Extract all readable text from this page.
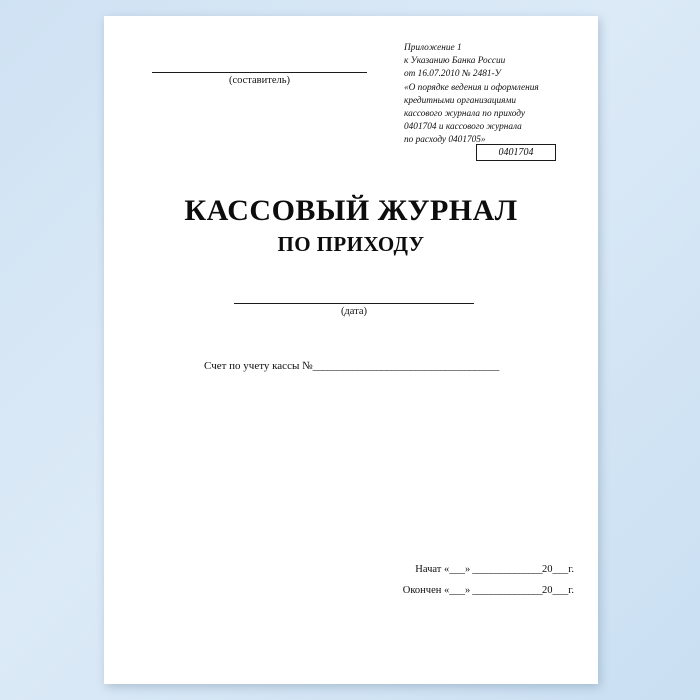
(составитель)
Приложение 1
к Указанию Банка России
от 16.07.2010 № 2481-У
«О порядке ведения и оформления
кредитными организациями
кассового журнала по приходу
0401704 и кассового журнала
по расходу 0401705»
0401704
КАССОВЫЙ ЖУРНАЛ
ПО ПРИХОДУ
(дата)
Счет по учету кассы №______________________________________
Начат «___» _______________ 20___г.
Окончен «___» _______________ 20___г.
